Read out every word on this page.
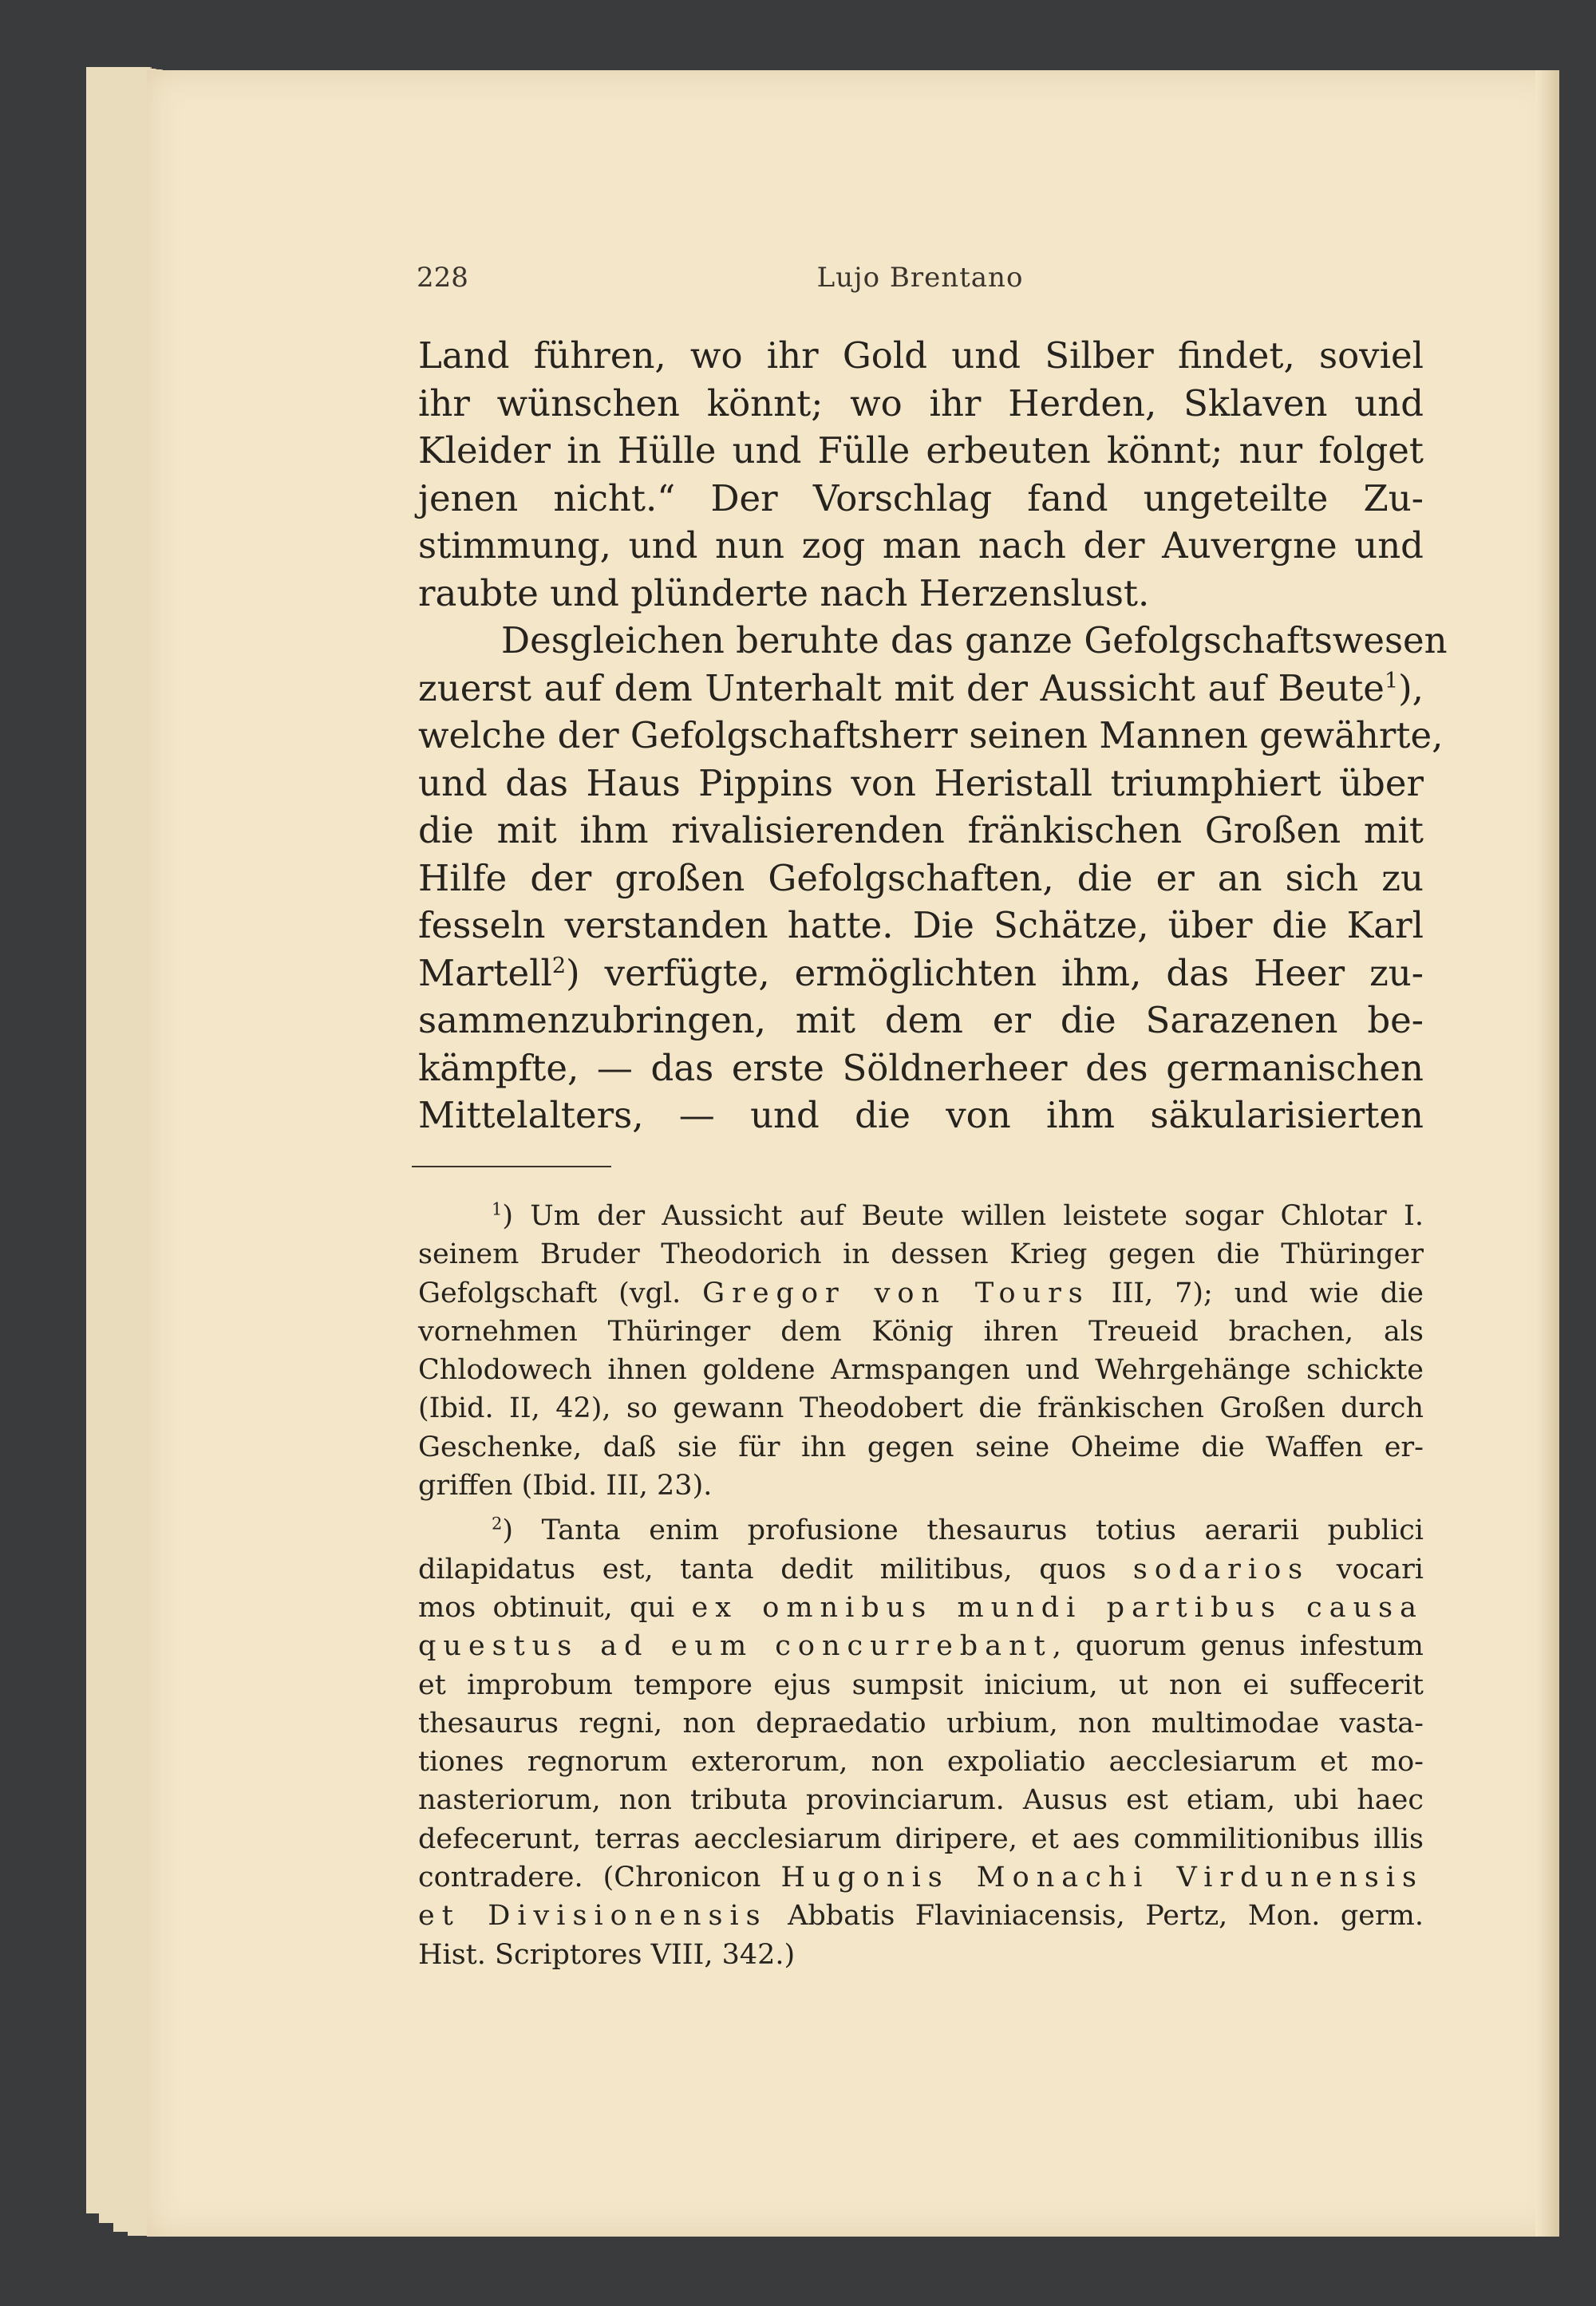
228	Lujo Brentano
Land führen, wo ihr Gold und Silber findet, soviel
ihr wünschen könnt; wo ihr Herden, Sklaven und
Kleider in Hülle und Fülle erbeuten könnt; nur folget
jenen nicht.“ Der Vorschlag fand ungeteilte Zu-
stimmung, und nun zog man nach der Auvergne und
raubte und plünderte nach Herzenslust.
Desgleichen beruhte das ganze Gefolgschaftswesen
zuerst auf dem Unterhalt mit der Aussicht auf Beute$^1$),
welche der Gefolgschaftsherr seinen Mannen gewährte,
und das Haus Pippins von Heristall triumphiert über
die mit ihm rivalisierenden fränkischen Großen mit
Hilfe der großen Gefolgschaften, die er an sich zu
fesseln verstanden hatte. Die Schätze, über die Karl
Martell$^2$) verfügte, ermöglichten ihm, das Heer zu-
sammenzubringen, mit dem er die Sarazenen be-
kämpfte, — das erste Söldnerheer des germanischen
Mittelalters, — und die von ihm säkularisierten
$^1$) Um der Aussicht auf Beute willen leistete sogar Chlotar I.
seinem Bruder Theodorich in dessen Krieg gegen die Thüringer
Gefolgschaft (vgl. Gregor von Tours III, 7); und wie die
vornehmen Thüringer dem König ihren Treueid brachen, als
Chlodowech ihnen goldene Armspangen und Wehrgehänge schickte
(Ibid. II, 42), so gewann Theodobert die fränkischen Großen durch
Geschenke, daß sie für ihn gegen seine Oheime die Waffen er-
griffen (Ibid. III, 23).
$^2$) Tanta enim profusione thesaurus totius aerarii publici
dilapidatus est, tanta dedit militibus, quos sodarios vocari
mos obtinuit, qui ex omnibus mundi partibus causa
questus ad eum concurrebant, quorum genus infestum
et improbum tempore ejus sumpsit inicium, ut non ei suffecerit
thesaurus regni, non depraedatio urbium, non multimodae vasta-
tiones regnorum exterorum, non expoliatio aecclesiarum et mo-
nasteriorum, non tributa provinciarum. Ausus est etiam, ubi haec
defecerunt, terras aecclesiarum diripere, et aes commilitionibus illis
contradere. (Chronicon Hugonis Monachi Virdunensis
et Divisionensis Abbatis Flaviniacensis, Pertz, Mon. germ.
Hist. Scriptores VIII, 342.)
